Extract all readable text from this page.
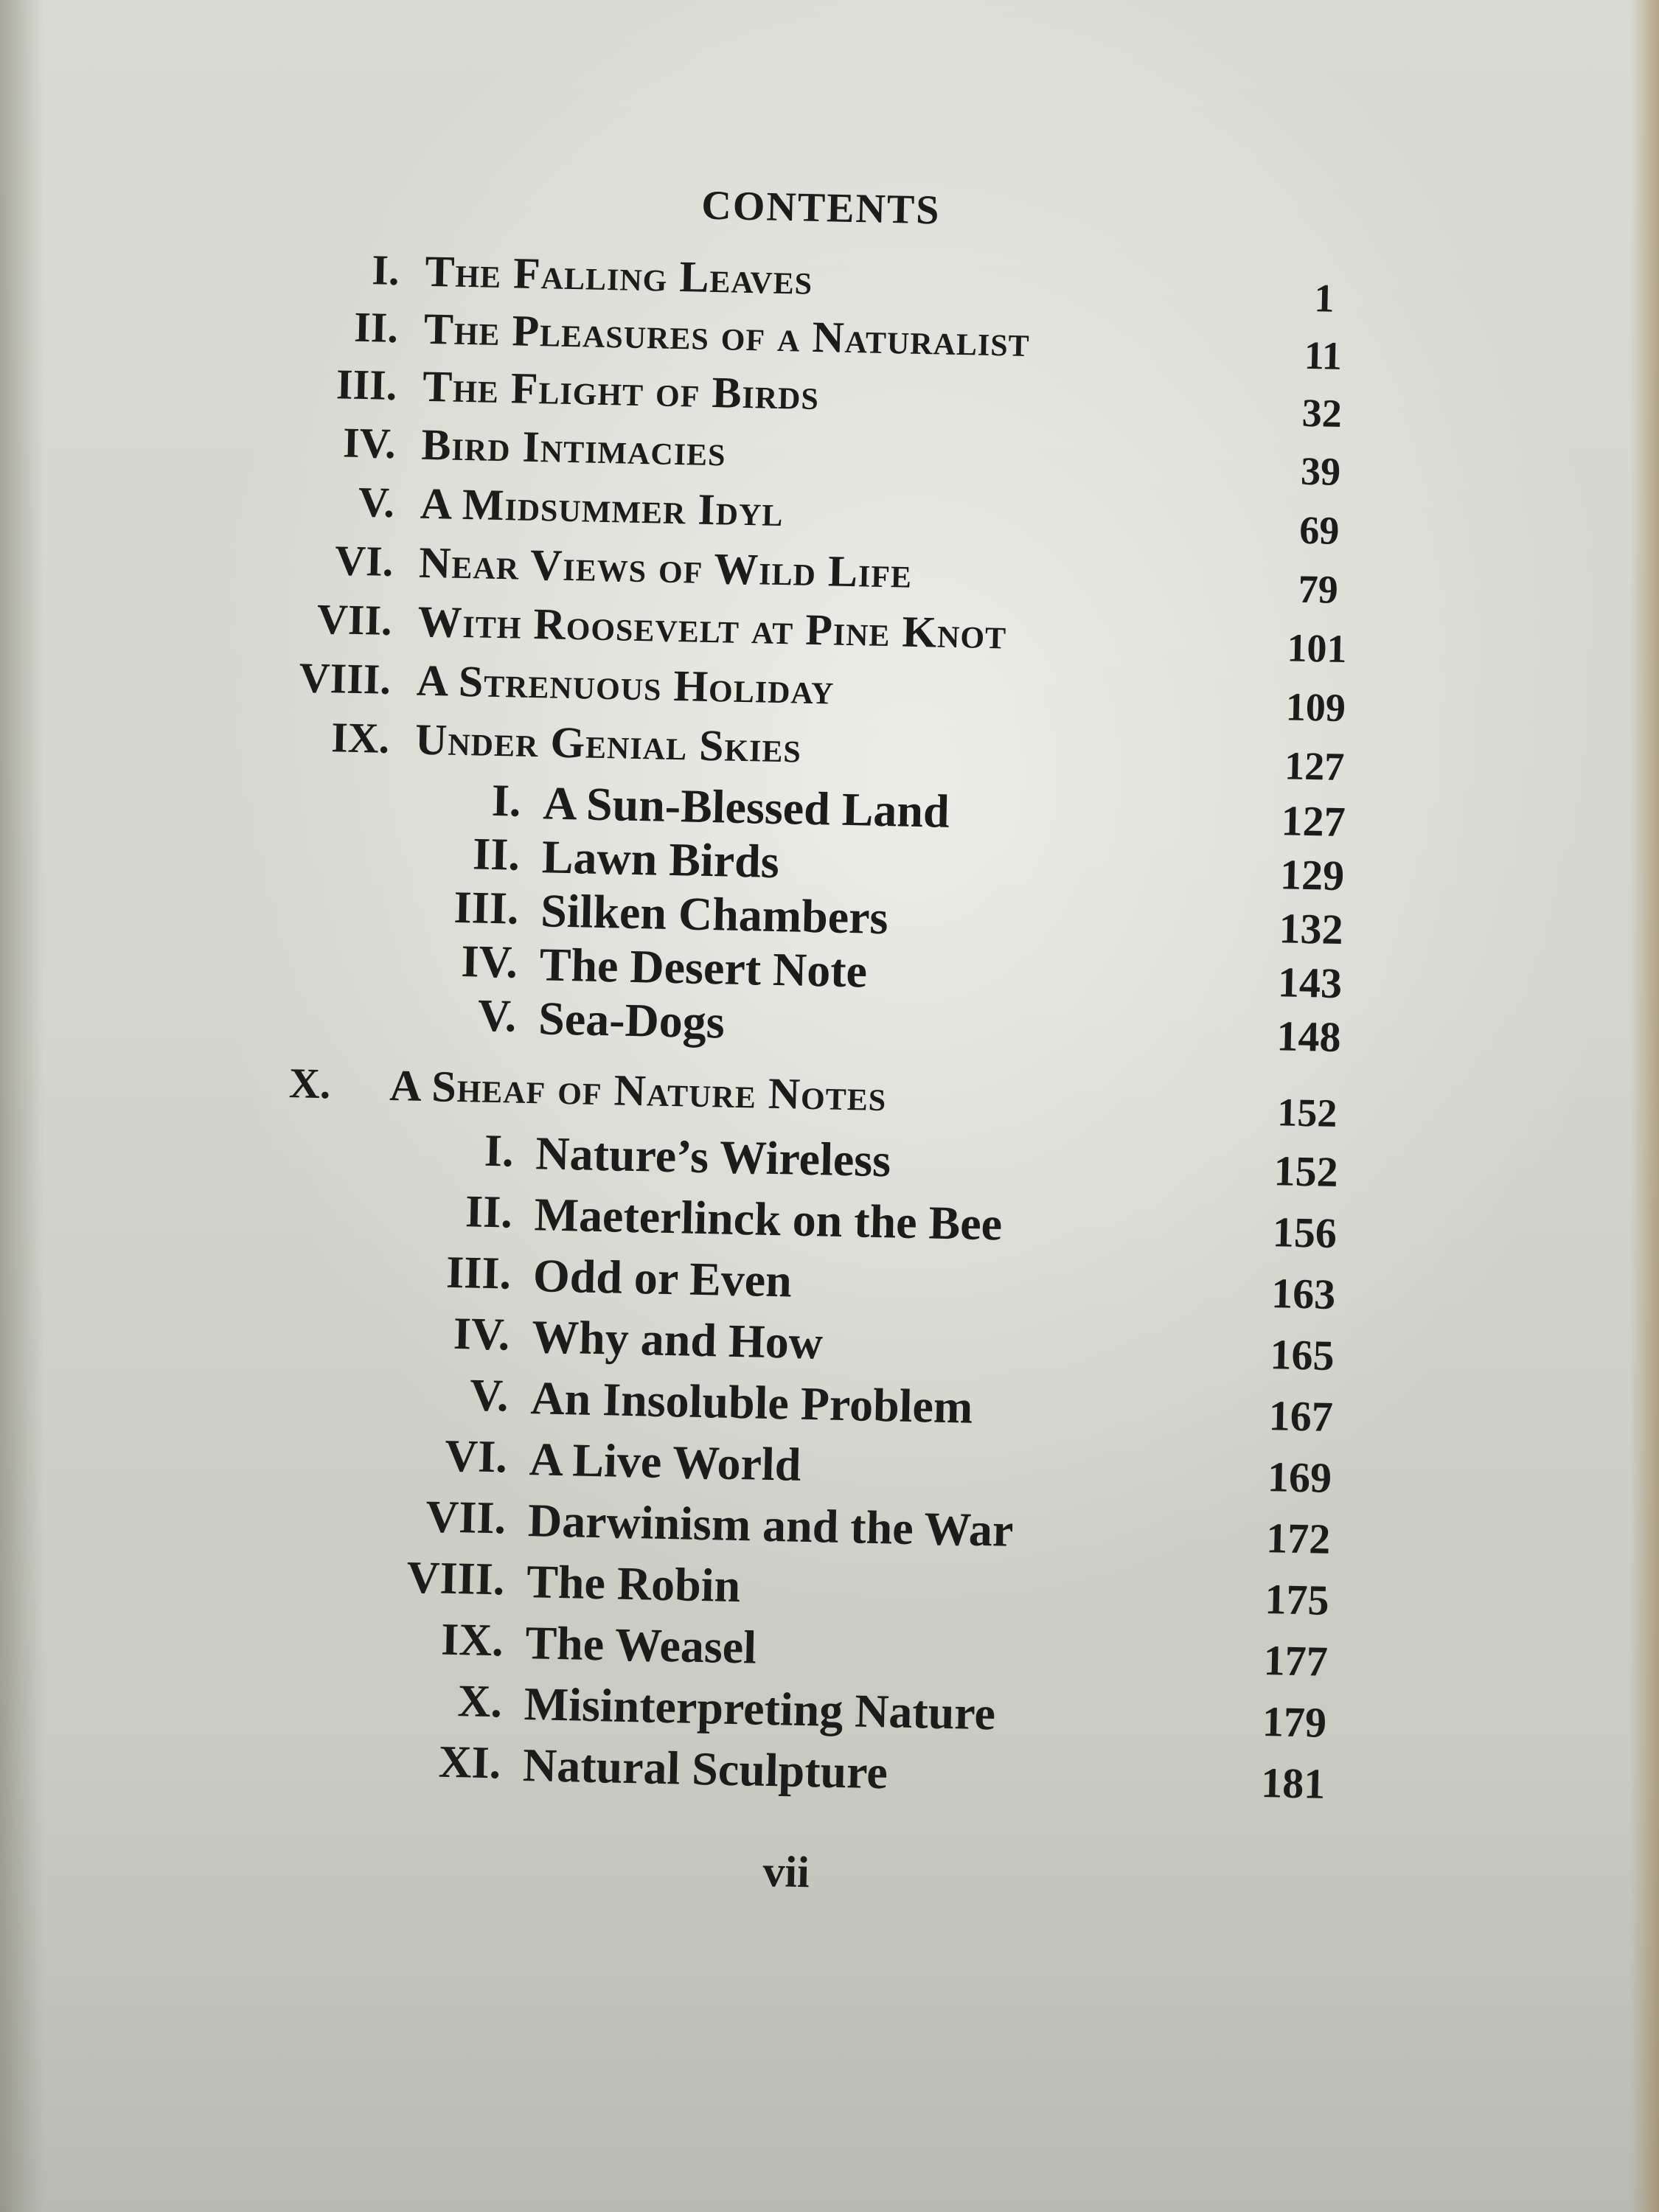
CONTENTS
I. The Falling Leaves	1
II. The Pleasures of a Naturalist	11
III. The Flight of Birds	32
IV. Bird Intimacies	39
V. A Midsummer Idyl	69
VI. Near Views of Wild Life	79
VII. With Roosevelt at Pine Knot	101
VIII. A Strenuous Holiday	109
IX. Under Genial Skies	127
I. A Sun-Blessed Land	127
II. Lawn Birds	129
III. Silken Chambers	132
IV. The Desert Note	143
V. Sea-Dogs	148
X. A Sheaf of Nature Notes	152
I. Nature’s Wireless	152
II. Maeterlinck on the Bee	156
III. Odd or Even	163
IV. Why and How	165
V. An Insoluble Problem	167
VI. A Live World	169
VII. Darwinism and the War	172
VIII. The Robin	175
IX. The Weasel	177
X. Misinterpreting Nature	179
XI. Natural Sculpture	181
vii
